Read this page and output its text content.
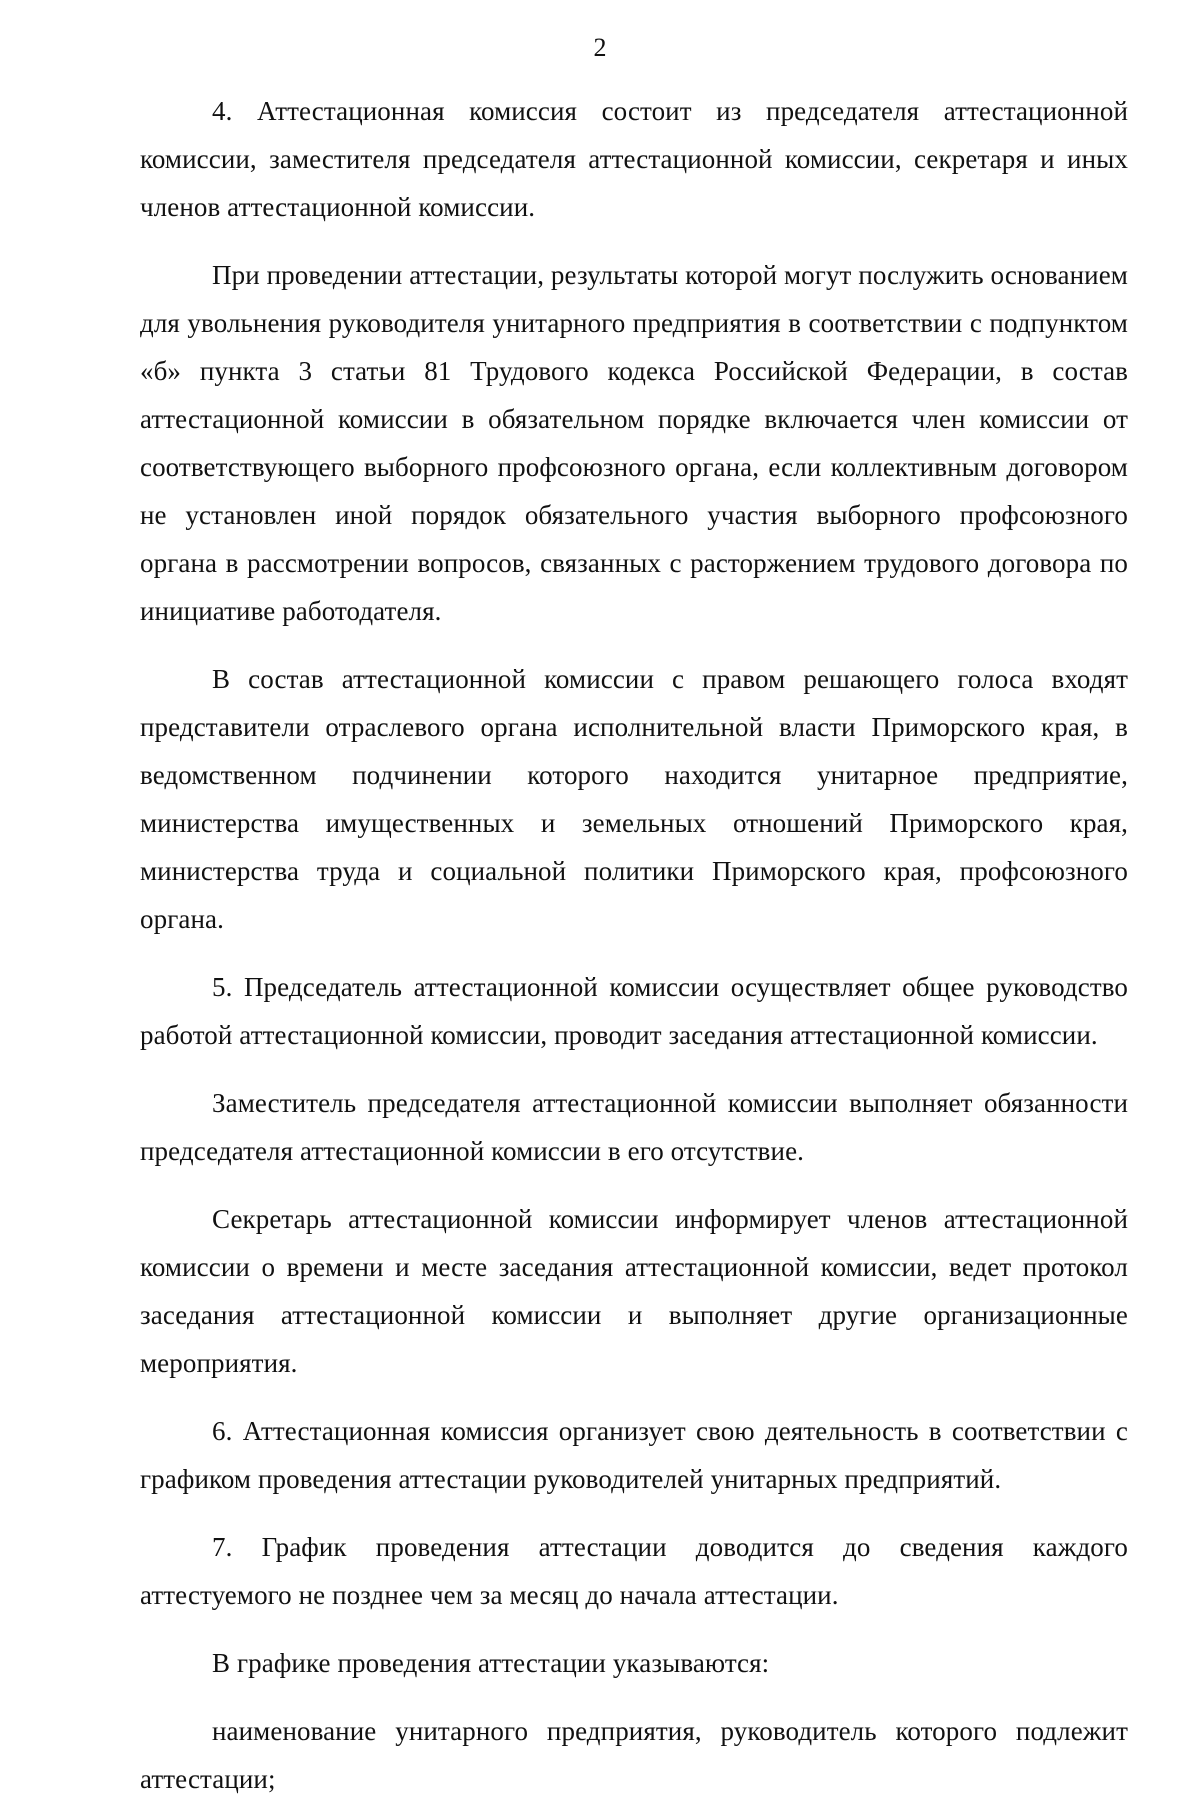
2

4. Аттестационная комиссия состоит из председателя аттестационной комиссии, заместителя председателя аттестационной комиссии, секретаря и иных членов аттестационной комиссии.

При проведении аттестации, результаты которой могут послужить основанием для увольнения руководителя унитарного предприятия в соответствии с подпунктом «б» пункта 3 статьи 81 Трудового кодекса Российской Федерации, в состав аттестационной комиссии в обязательном порядке включается член комиссии от соответствующего выборного профсоюзного органа, если коллективным договором не установлен иной порядок обязательного участия выборного профсоюзного органа в рассмотрении вопросов, связанных с расторжением трудового договора по инициативе работодателя.

В состав аттестационной комиссии с правом решающего голоса входят представители отраслевого органа исполнительной власти Приморского края, в ведомственном подчинении которого находится унитарное предприятие, министерства имущественных и земельных отношений Приморского края, министерства труда и социальной политики Приморского края, профсоюзного органа.

5. Председатель аттестационной комиссии осуществляет общее руководство работой аттестационной комиссии, проводит заседания аттестационной комиссии.

Заместитель председателя аттестационной комиссии выполняет обязанности председателя аттестационной комиссии в его отсутствие.

Секретарь аттестационной комиссии информирует членов аттестационной комиссии о времени и месте заседания аттестационной комиссии, ведет протокол заседания аттестационной комиссии и выполняет другие организационные мероприятия.

6. Аттестационная комиссия организует свою деятельность в соответствии с графиком проведения аттестации руководителей унитарных предприятий.

7. График проведения аттестации доводится до сведения каждого аттестуемого не позднее чем за месяц до начала аттестации.

В графике проведения аттестации указываются:

наименование унитарного предприятия, руководитель которого подлежит аттестации;
